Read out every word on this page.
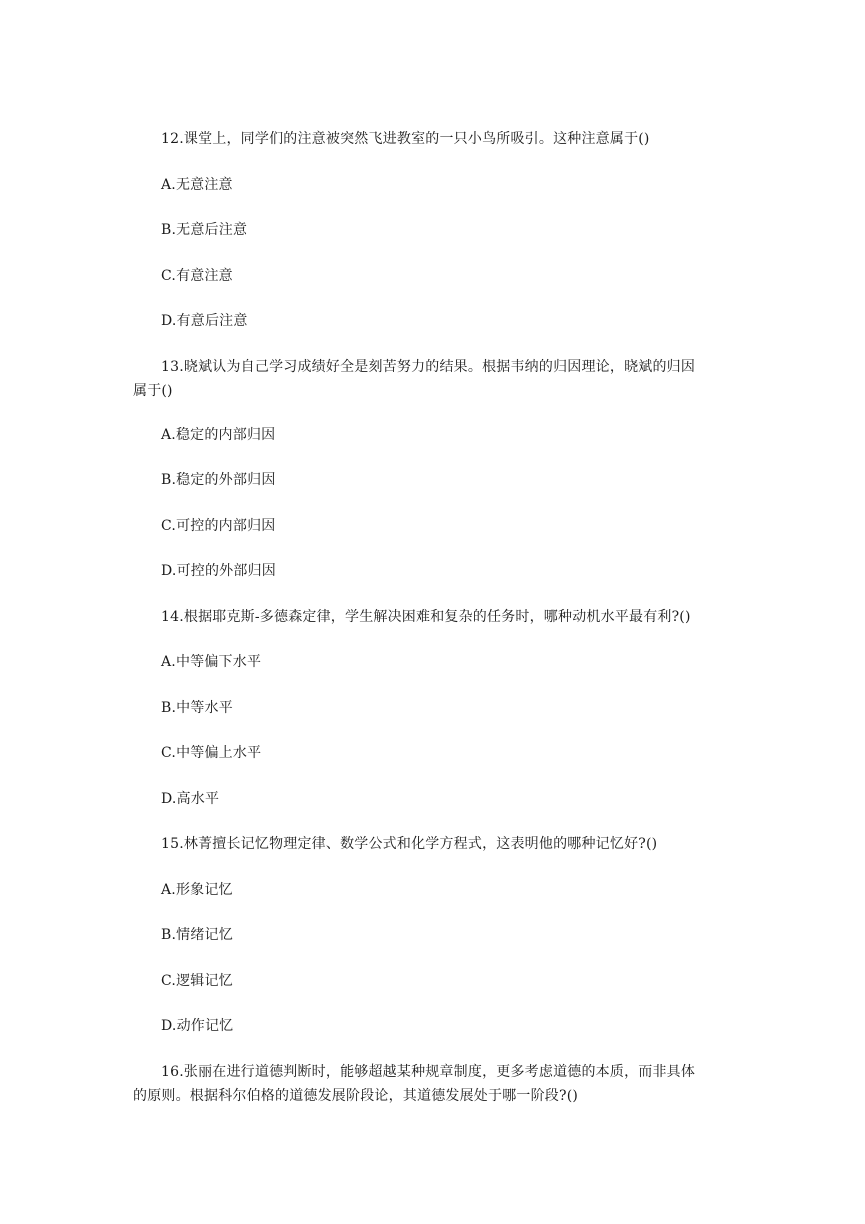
12.课堂上，同学们的注意被突然飞进教室的一只小鸟所吸引。这种注意属于()
A.无意注意
B.无意后注意
C.有意注意
D.有意后注意
13.晓斌认为自己学习成绩好全是刻苦努力的结果。根据韦纳的归因理论，晓斌的归因
属于()
A.稳定的内部归因
B.稳定的外部归因
C.可控的内部归因
D.可控的外部归因
14.根据耶克斯-多德森定律，学生解决困难和复杂的任务时，哪种动机水平最有利?()
A.中等偏下水平
B.中等水平
C.中等偏上水平
D.高水平
15.林菁擅长记忆物理定律、数学公式和化学方程式，这表明他的哪种记忆好?()
A.形象记忆
B.情绪记忆
C.逻辑记忆
D.动作记忆
16.张丽在进行道德判断时，能够超越某种规章制度，更多考虑道德的本质，而非具体
的原则。根据科尔伯格的道德发展阶段论，其道德发展处于哪一阶段?()
